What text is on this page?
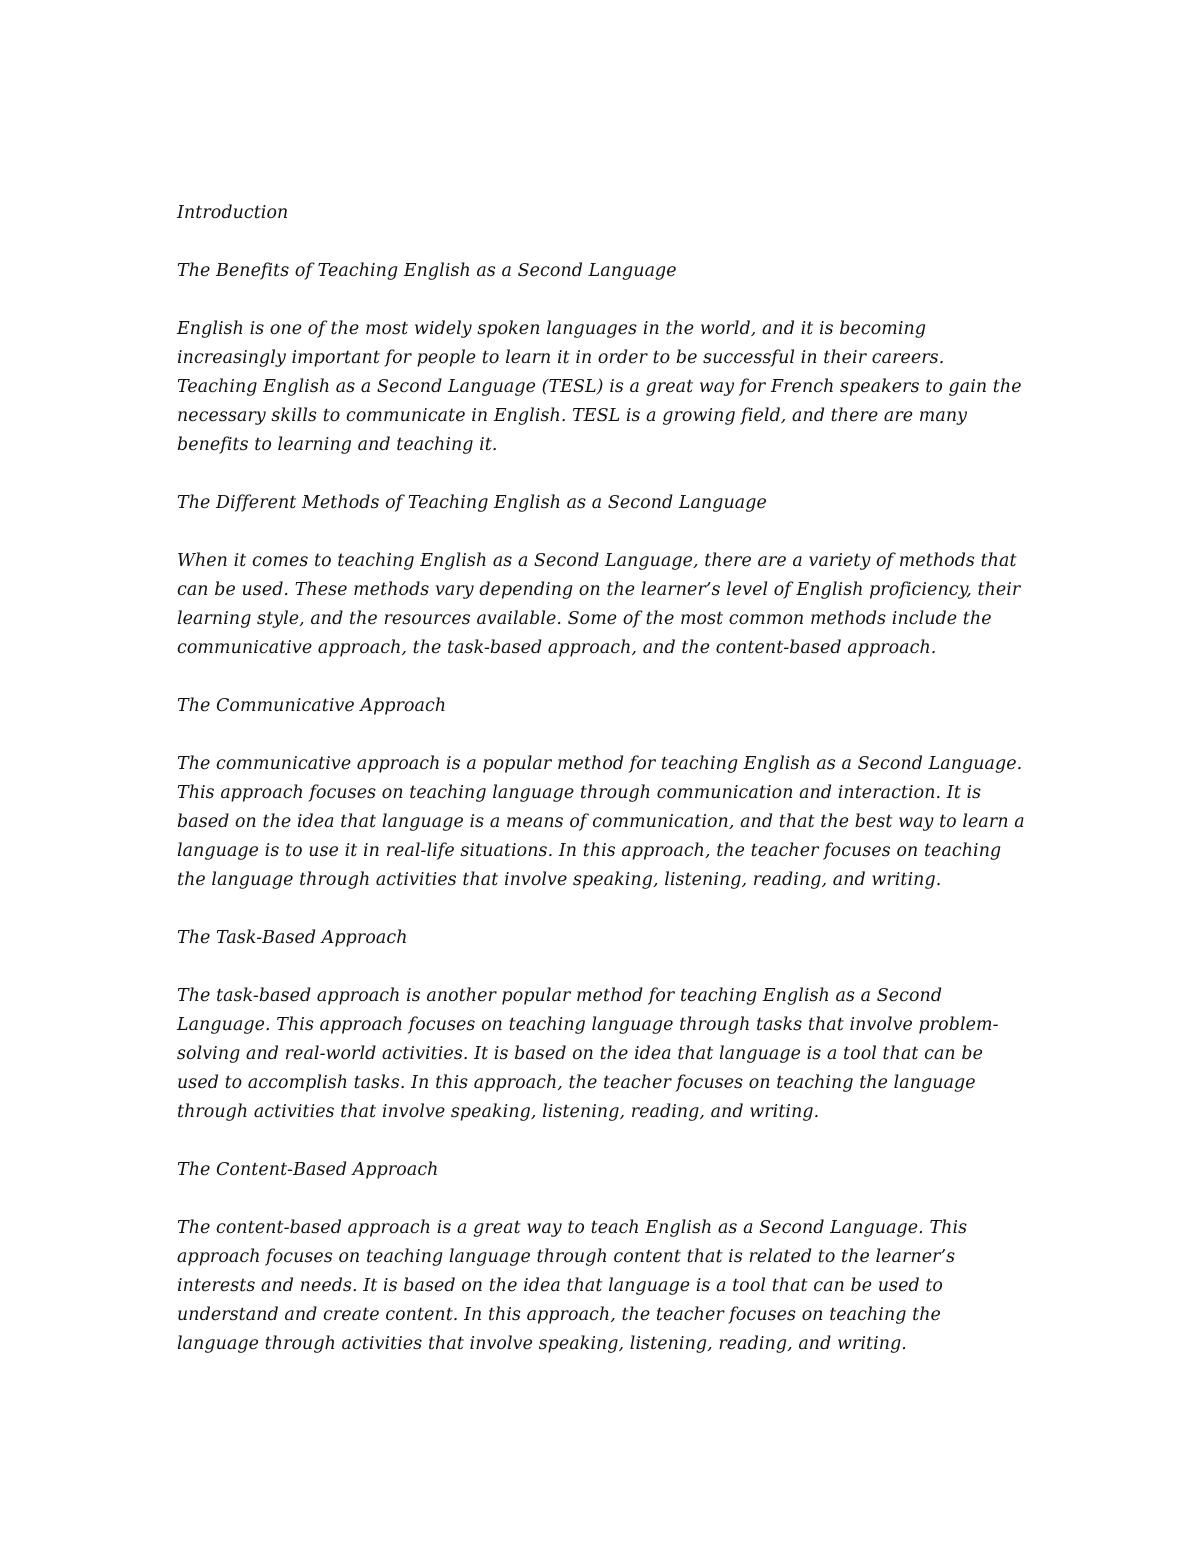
Introduction

The Benefits of Teaching English as a Second Language

English is one of the most widely spoken languages in the world, and it is becoming increasingly important for people to learn it in order to be successful in their careers. Teaching English as a Second Language (TESL) is a great way for French speakers to gain the necessary skills to communicate in English. TESL is a growing field, and there are many benefits to learning and teaching it.

The Different Methods of Teaching English as a Second Language

When it comes to teaching English as a Second Language, there are a variety of methods that can be used. These methods vary depending on the learner’s level of English proficiency, their learning style, and the resources available. Some of the most common methods include the communicative approach, the task-based approach, and the content-based approach.

The Communicative Approach

The communicative approach is a popular method for teaching English as a Second Language. This approach focuses on teaching language through communication and interaction. It is based on the idea that language is a means of communication, and that the best way to learn a language is to use it in real-life situations. In this approach, the teacher focuses on teaching the language through activities that involve speaking, listening, reading, and writing.

The Task-Based Approach

The task-based approach is another popular method for teaching English as a Second Language. This approach focuses on teaching language through tasks that involve problem-solving and real-world activities. It is based on the idea that language is a tool that can be used to accomplish tasks. In this approach, the teacher focuses on teaching the language through activities that involve speaking, listening, reading, and writing.

The Content-Based Approach

The content-based approach is a great way to teach English as a Second Language. This approach focuses on teaching language through content that is related to the learner’s interests and needs. It is based on the idea that language is a tool that can be used to understand and create content. In this approach, the teacher focuses on teaching the language through activities that involve speaking, listening, reading, and writing.
